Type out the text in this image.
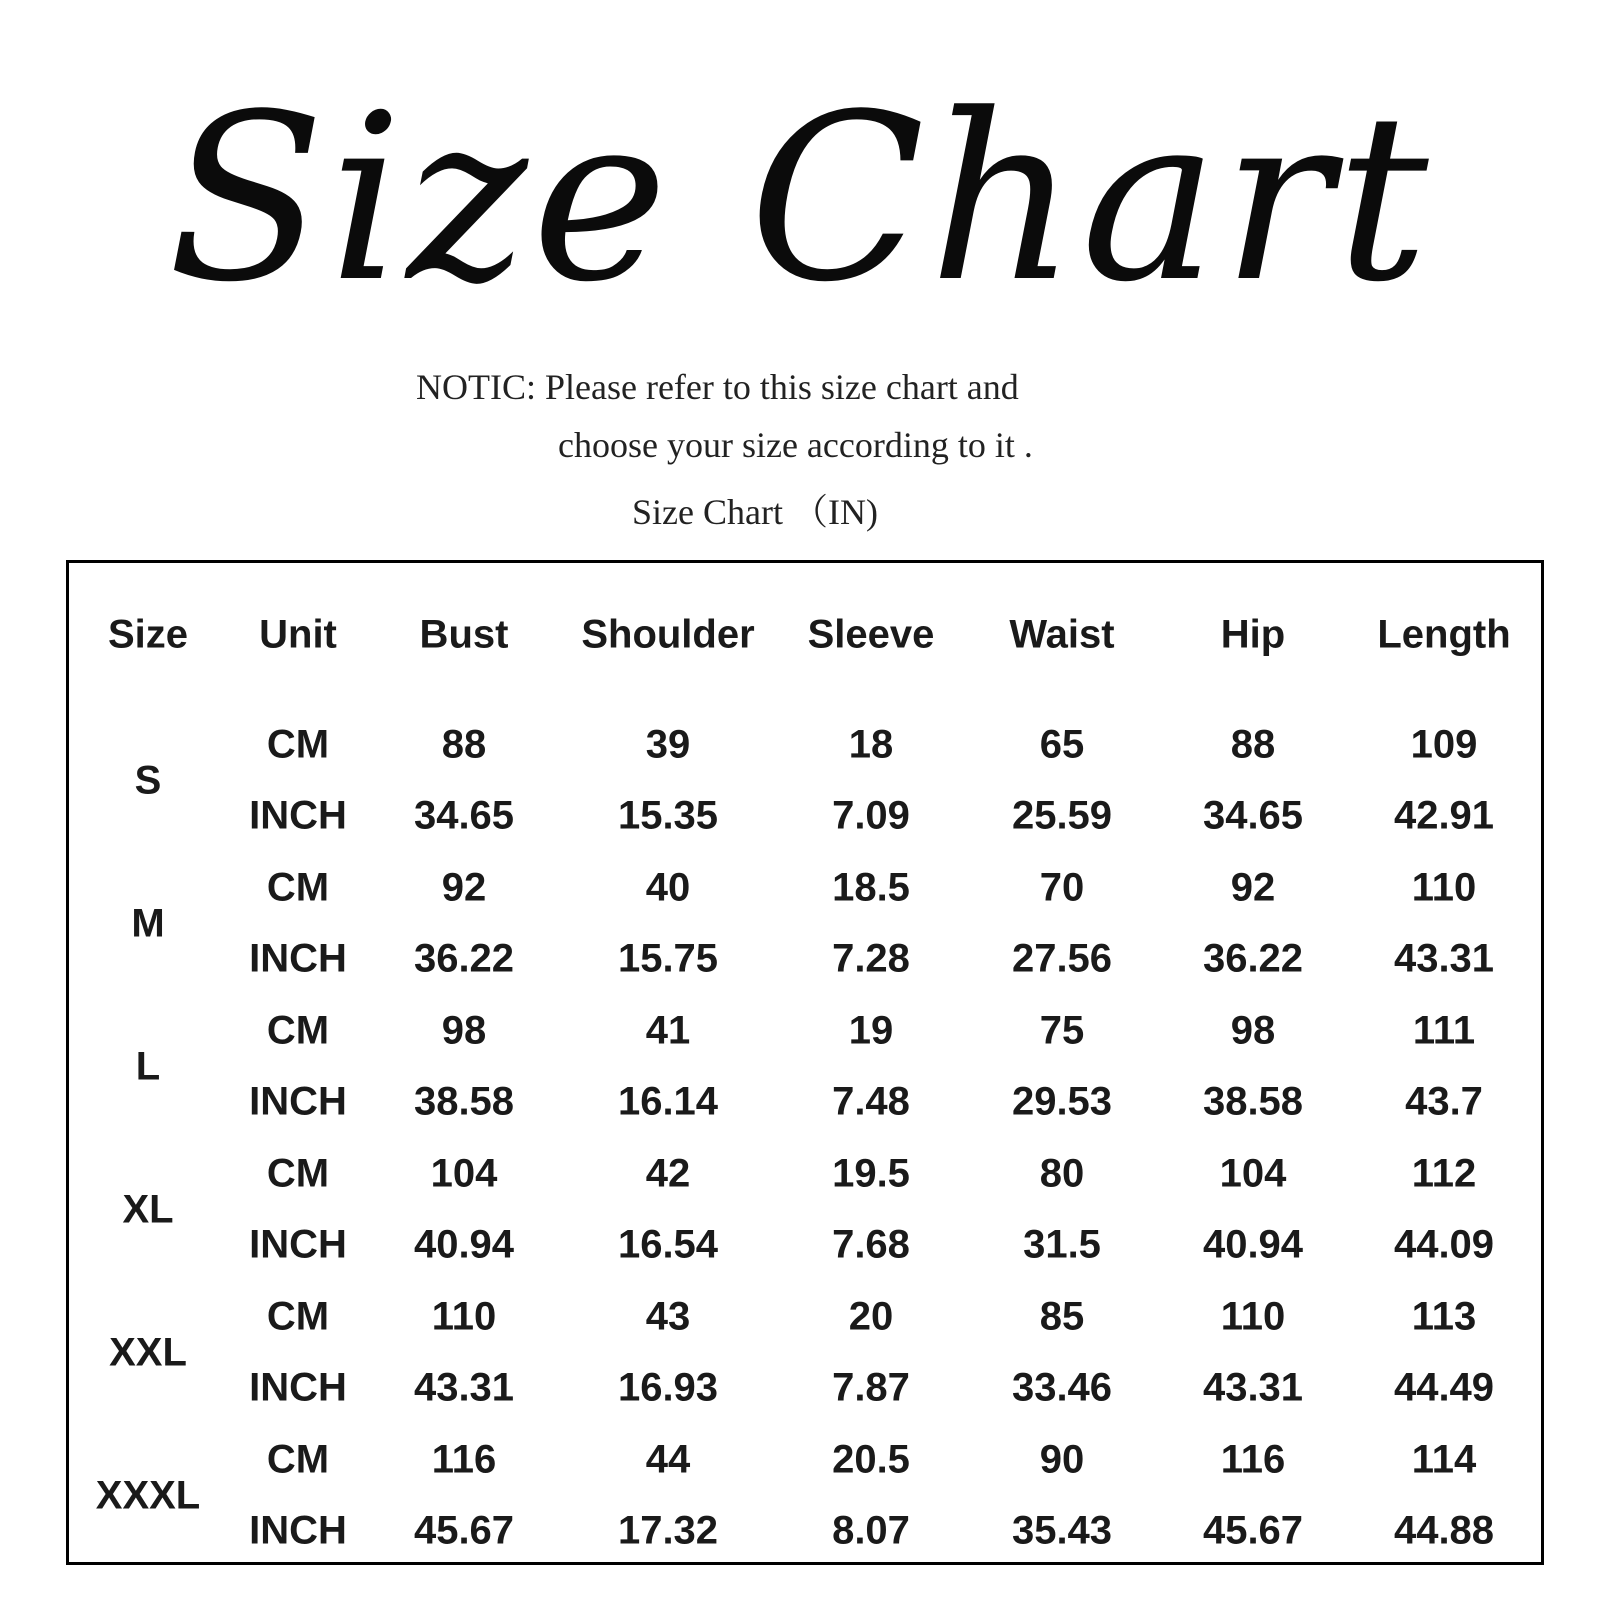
Size Chart
NOTIC: Please refer to this size chart and
choose your size according to it .
Size Chart （IN)
Size Unit Bust Shoulder Sleeve Waist	Hip Length
S
CM	88	39	18	65	88	109
INCH 34.65	15.35	7.09	25.59 34.65 42.91
M
CM	92	40	18.5	70	92	110
INCH 36.22	15.75	7.28	27.56 36.22 43.31
L
CM	98	41	19	75	98	111
INCH 38.58	16.14	7.48	29.53 38.58	43.7
XL
CM	104	42	19.5	80	104	112
INCH 40.94	16.54	7.68	31.5	40.94 44.09
XXL
CM	110	43	20	85	110	113
INCH 43.31	16.93	7.87	33.46 43.31 44.49
XXXL
CM	116	44	20.5	90	116	114
INCH 45.67	17.32	8.07	35.43 45.67 44.88
